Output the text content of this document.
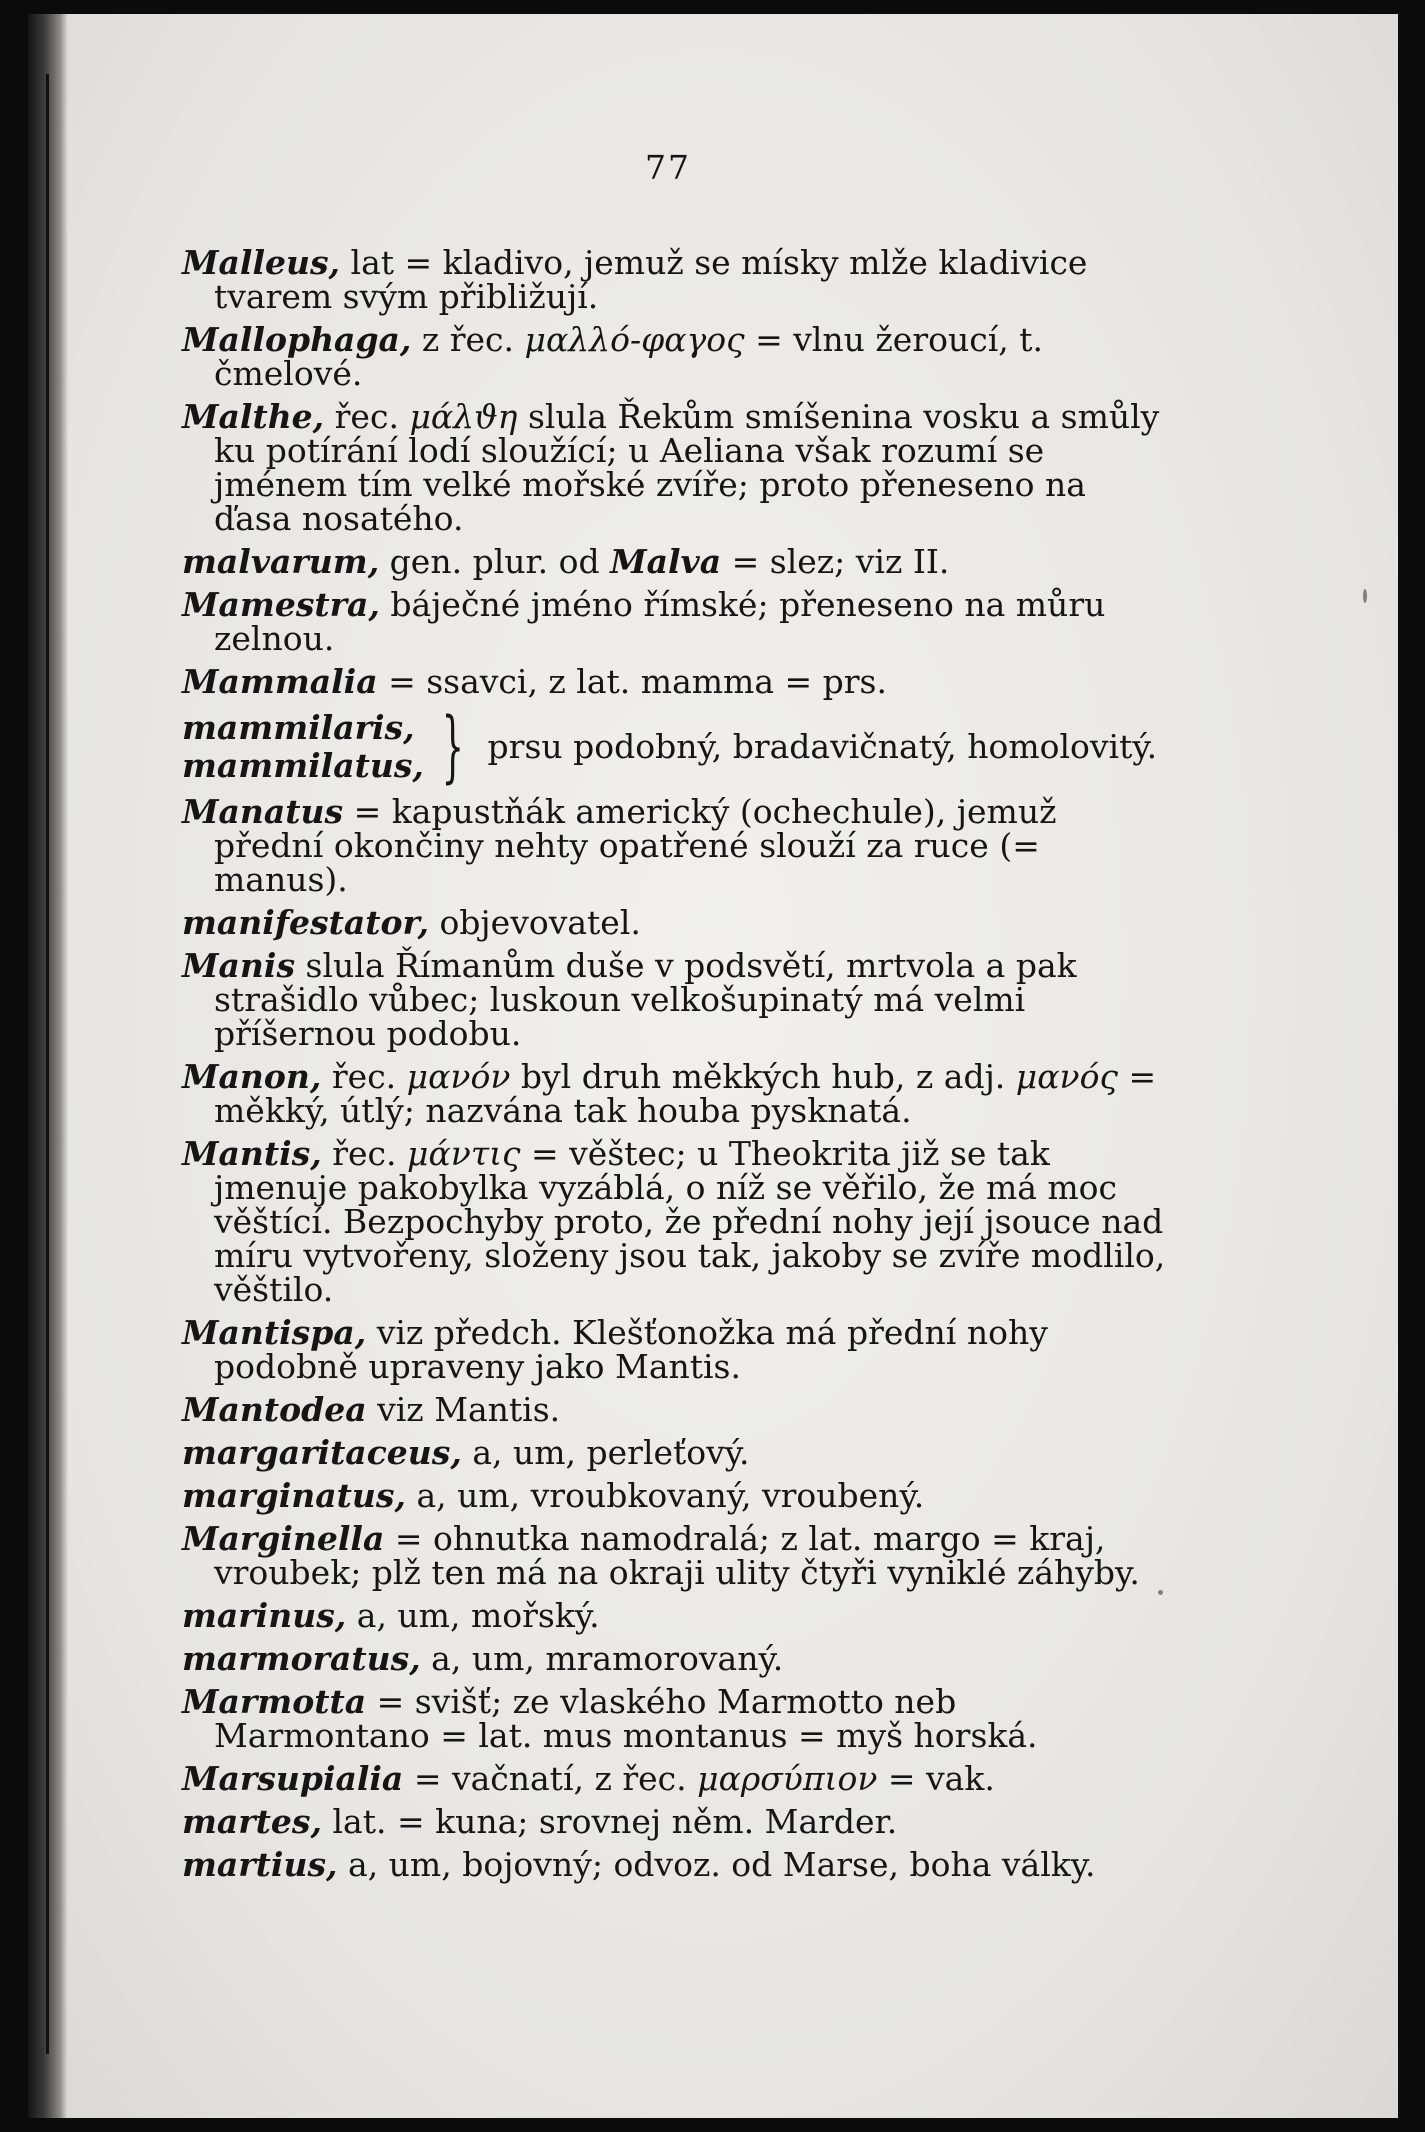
77

Malleus, lat = kladivo, jemuž se mísky mlže kladivice tvarem svým přibližují.

Mallophaga, z řec. μαλλό-φαγος = vlnu žeroucí, t. čmelové.

Malthe, řec. μάλϑη slula Řekům smíšenina vosku a smůly ku potírání lodí sloužící; u Aeliana však rozumí se jménem tím velké mořské zvíře; proto přeneseno na ďasa nosatého.

malvarum, gen. plur. od Malva = slez; viz II.

Mamestra, báječné jméno římské; přeneseno na můru zelnou.

Mammalia = ssavci, z lat. mamma = prs.

mammilaris,
mammilatus, } prsu podobný, bradavičnatý, homolovitý.

Manatus = kapustňák americký (ochechule), jemuž přední okončiny nehty opatřené slouží za ruce (= manus).

manifestator, objevovatel.

Manis slula Římanům duše v podsvětí, mrtvola a pak strašidlo vůbec; luskoun velkošupinatý má velmi příšernou podobu.

Manon, řec. μανόν byl druh měkkých hub, z adj. μανός = měkký, útlý; nazvána tak houba pysknatá.

Mantis, řec. μάντις = věštec; u Theokrita již se tak jmenuje pakobylka vyzáblá, o níž se věřilo, že má moc věštící. Bezpochyby proto, že přední nohy její jsouce nad míru vytvořeny, složeny jsou tak, jakoby se zvíře modlilo, věštilo.

Mantispa, viz předch. Klešťonožka má přední nohy podobně upraveny jako Mantis.

Mantodea viz Mantis.

margaritaceus, a, um, perleťový.

marginatus, a, um, vroubkovaný, vroubený.

Marginella = ohnutka namodralá; z lat. margo = kraj, vroubek; plž ten má na okraji ulity čtyři vyniklé záhyby.

marinus, a, um, mořský.

marmoratus, a, um, mramorovaný.

Marmotta = svišť; ze vlaského Marmotto neb Marmontano = lat. mus montanus = myš horská.

Marsupialia = vačnatí, z řec. μαρσύπιον = vak.

martes, lat. = kuna; srovnej něm. Marder.

martius, a, um, bojovný; odvoz. od Marse, boha války.
